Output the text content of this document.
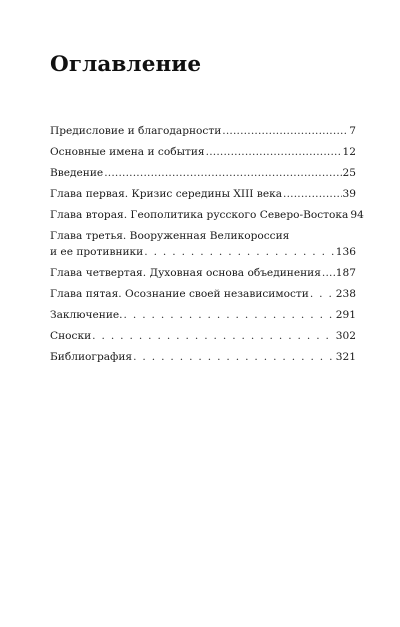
Оглавление
Предисловие и благодарности .....	7
Основные имена и события .....	12
Введение .....	25
Глава первая. Кризис середины XIII века .....	39
Глава вторая. Геополитика русского Северо-Востока 94
Глава третья. Вооруженная Великороссия
и ее противники . . .	136
Глава четвертая. Духовная основа объединения ..... 187
Глава пятая. Осознание своей независимости . . .	238
Заключение. . . .	291
Сноски . . .	302
Библиография . . .	321
